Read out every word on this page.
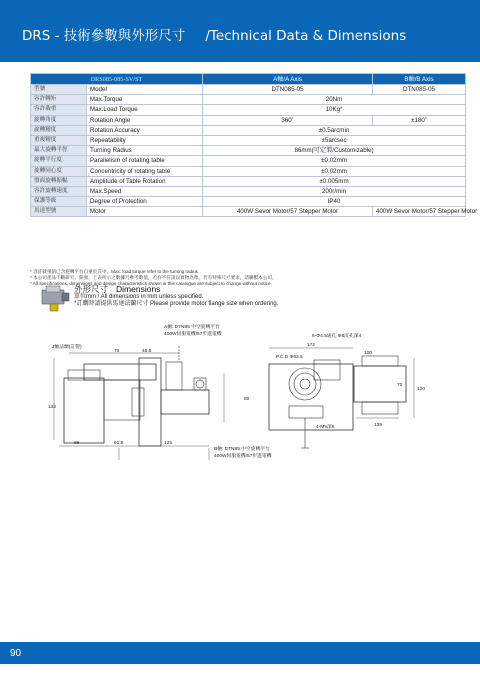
DRS - 技術參數與外形尺寸 /Technical Data & Dimensions
DRS085-085-SV/ST		A軸/A Axis	B軸/B Axis
型號	Model	DTN085-05	DTN085-05
容許轉矩	Max.Torque	20Nm	
容許載重	Max.Load Torque	10Kg*	
旋轉角度	Rotation Angle	360˚	±180˚
旋轉精度	Rotation Accuracy	±0.5arcmin	
重複精度	Repeatability	±5arcsec	
最大旋轉半徑	Turning Radius	86mm(可定製/Customizable)	
旋轉平行度	Parallelism of rotating table	±0.02mm	
旋轉同心度	Concentricity of rotating table	±0.02mm	
盤面旋轉振幅	Amplitude of Table Rotation	±0.005mm	
容許旋轉速度	Max.Speed	200r/min	
保護等級	Degree of Protection	IP40	
馬達型號	Motor	400W Sevor Motor/57 Stepper Motor	400W Sevor Motor/57 Stepper Motor
* 容許載重值已含旋轉平台自重於其中。Max. load torque refer to the turning radius.
* 本公司產品不斷研究、開發，上表所示之數據乃參考數值，若有不符請以實物為準，若有特殊尺寸要求，請聯繫本公司。
* All specifications, dimensions and design characteristics shown in this catalogue are subject to change without notice.
外形尺寸 Dimensions
單位mm / All dimensions in mm unless specified.
*訂購時請提供馬達法蘭尺寸 Please provide motor flange size when ordering.
J軸法蘭(訂製)
A軸: DTN85 中空旋轉平台
400W伺服電機/57步進電機
B軸: DTN85 中空旋轉平台
400W伺服電機/57步進電機
6-Φ4.5通孔 Φ8沉孔深4
P.C.D Φ63.5
4-M5深6
73	46.5
132
86	91.5	125
172
100
80
70
120
135
90
